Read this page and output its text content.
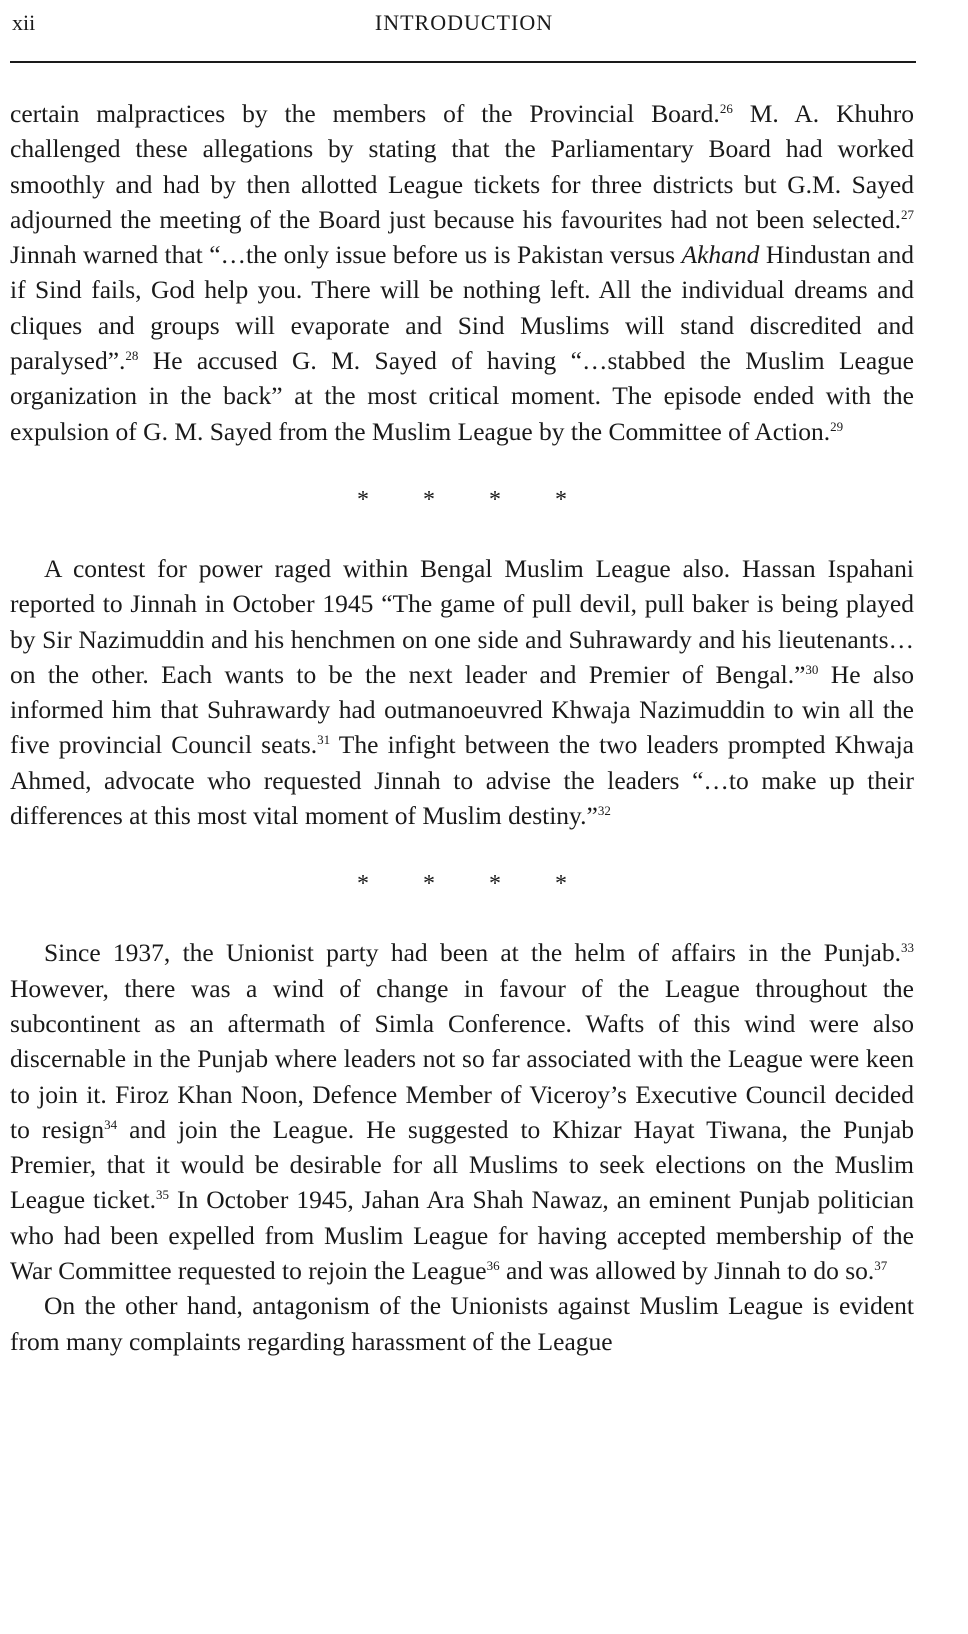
xii	INTRODUCTION

certain malpractices by the members of the Provincial Board.$^{26}$ M. A. Khuhro challenged these allegations by stating that the Parliamentary Board had worked smoothly and had by then allotted League tickets for three districts but G.M. Sayed adjourned the meeting of the Board just because his favourites had not been selected.$^{27}$ Jinnah warned that “…the only issue before us is Pakistan versus Akhand Hindustan and if Sind fails, God help you. There will be nothing left. All the individual dreams and cliques and groups will evaporate and Sind Muslims will stand discredited and paralysed”.$^{28}$ He accused G. M. Sayed of having “…stabbed the Muslim League organization in the back” at the most critical moment. The episode ended with the expulsion of G. M. Sayed from the Muslim League by the Committee of Action.$^{29}$

* * * *

A contest for power raged within Bengal Muslim League also. Hassan Ispahani reported to Jinnah in October 1945 “The game of pull devil, pull baker is being played by Sir Nazimuddin and his henchmen on one side and Suhrawardy and his lieutenants… on the other. Each wants to be the next leader and Premier of Bengal.”$^{30}$ He also informed him that Suhrawardy had outmanoeuvred Khwaja Nazimuddin to win all the five provincial Council seats.$^{31}$ The infight between the two leaders prompted Khwaja Ahmed, advocate who requested Jinnah to advise the leaders “…to make up their differences at this most vital moment of Muslim destiny.”$^{32}$

* * * *

Since 1937, the Unionist party had been at the helm of affairs in the Punjab.$^{33}$ However, there was a wind of change in favour of the League throughout the subcontinent as an aftermath of Simla Conference. Wafts of this wind were also discernable in the Punjab where leaders not so far associated with the League were keen to join it. Firoz Khan Noon, Defence Member of Viceroy’s Executive Council decided to resign$^{34}$ and join the League. He suggested to Khizar Hayat Tiwana, the Punjab Premier, that it would be desirable for all Muslims to seek elections on the Muslim League ticket.$^{35}$ In October 1945, Jahan Ara Shah Nawaz, an eminent Punjab politician who had been expelled from Muslim League for having accepted membership of the War Committee requested to rejoin the League$^{36}$ and was allowed by Jinnah to do so.$^{37}$

On the other hand, antagonism of the Unionists against Muslim League is evident from many complaints regarding harassment of the League
